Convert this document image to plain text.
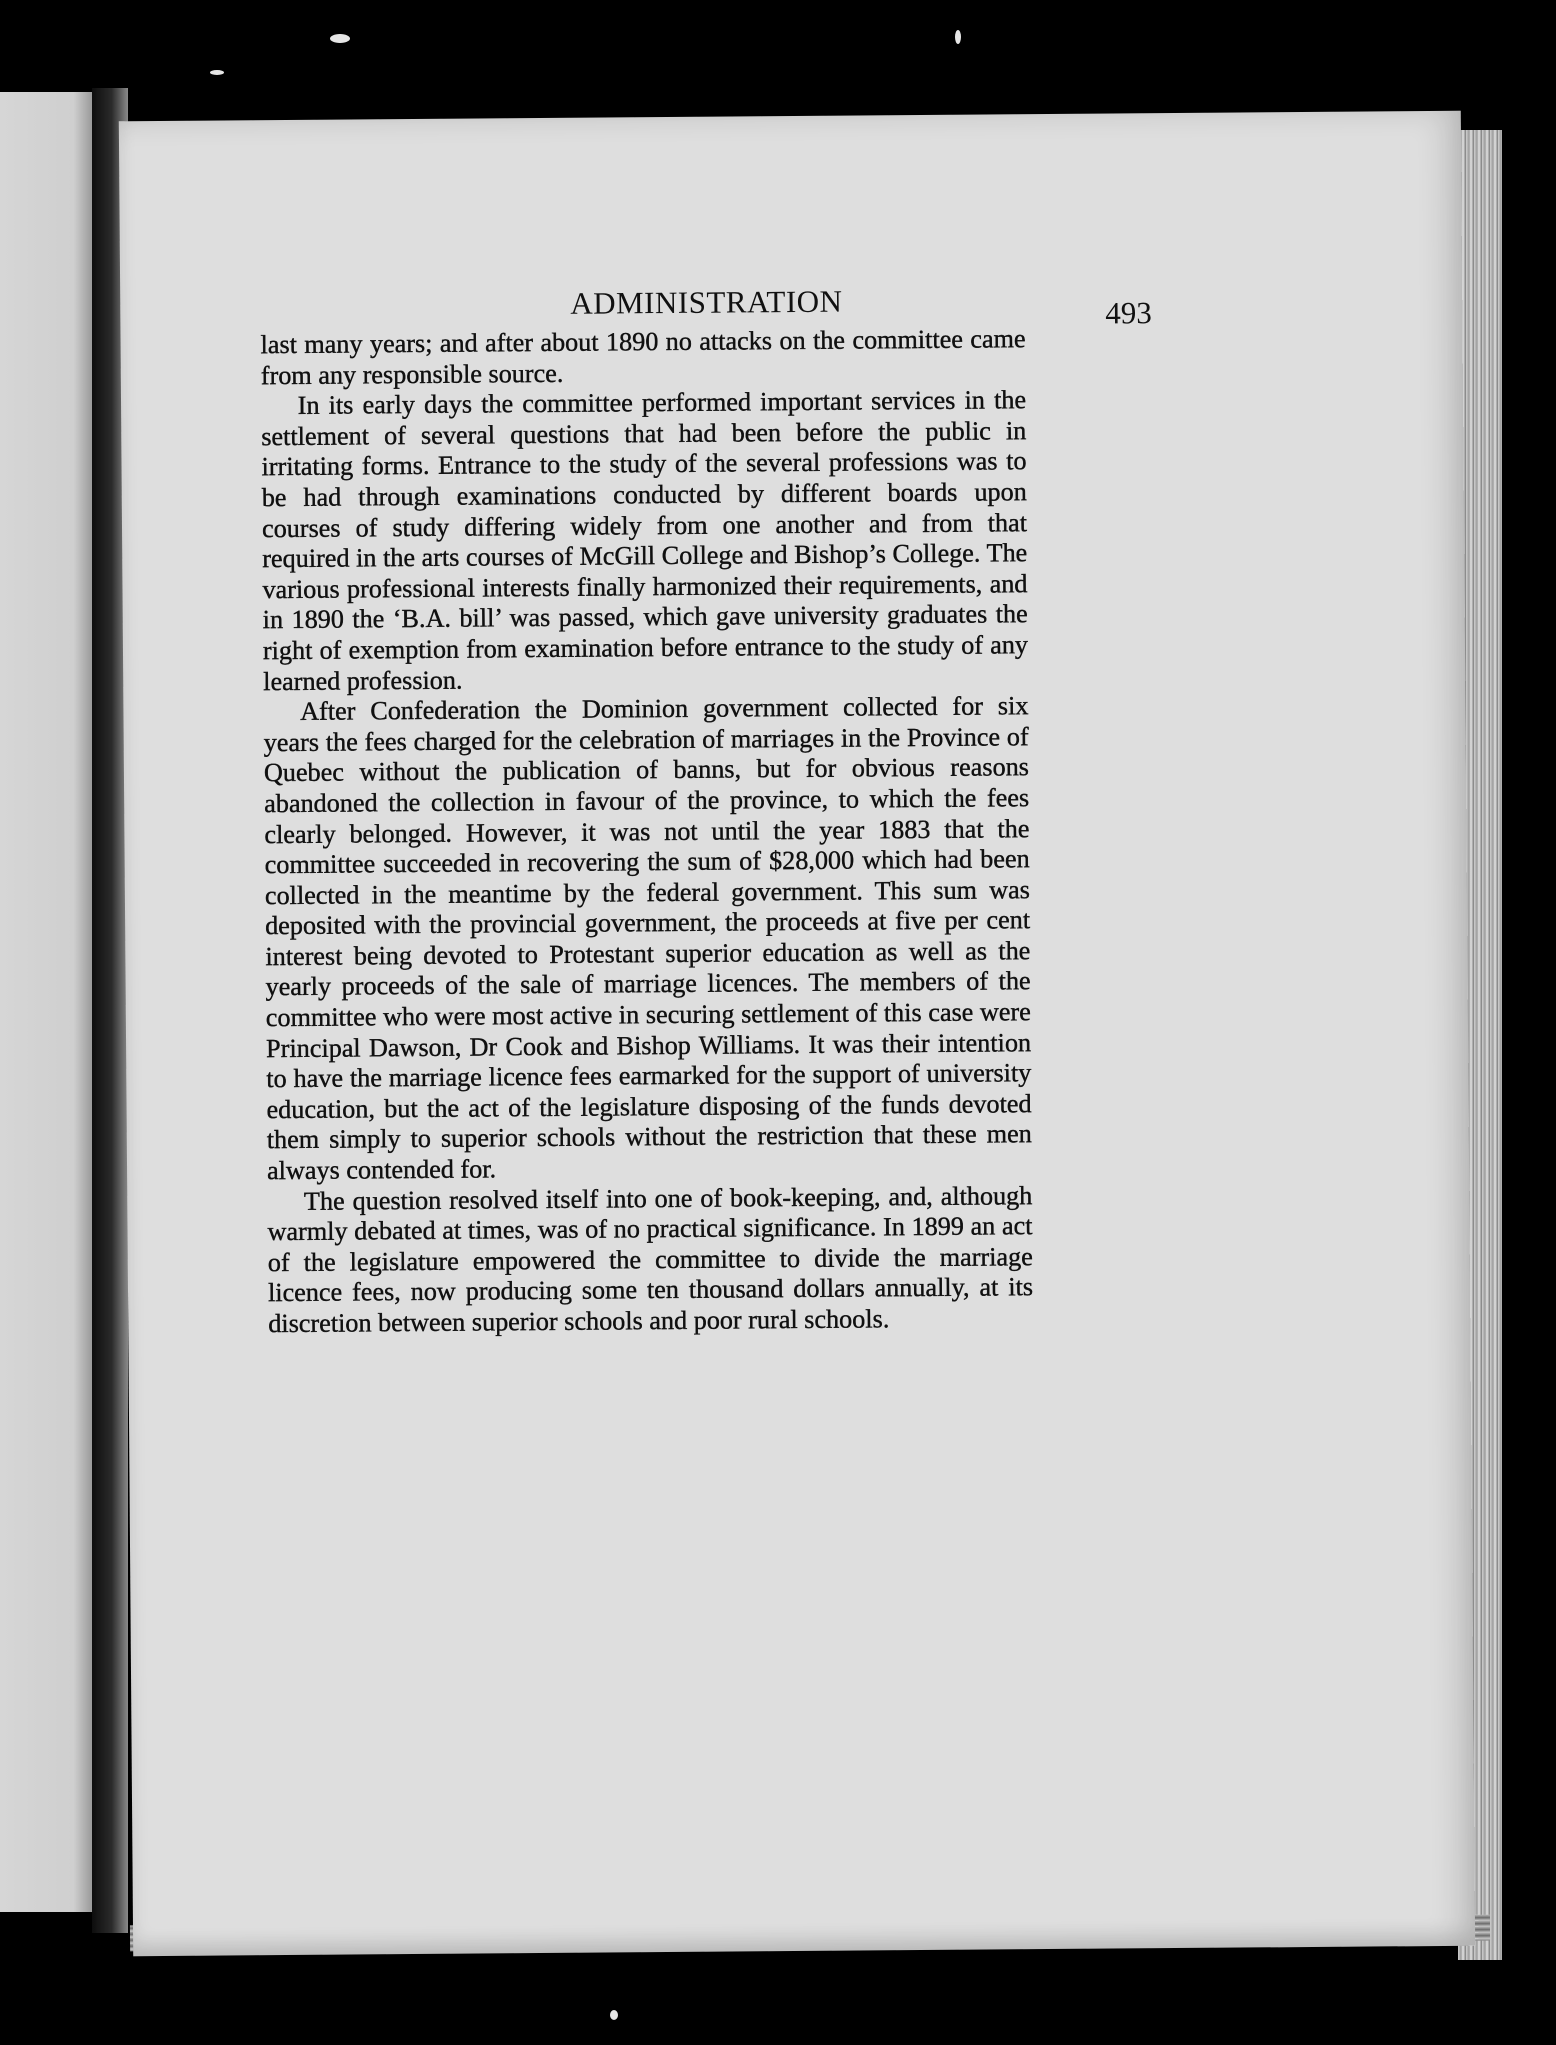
ADMINISTRATION	493

last many years; and after about 1890 no attacks on the committee came from any responsible source.

In its early days the committee performed important services in the settlement of several questions that had been before the public in irritating forms. Entrance to the study of the several professions was to be had through examinations conducted by different boards upon courses of study differing widely from one another and from that required in the arts courses of McGill College and Bishop’s College. The various professional interests finally harmonized their requirements, and in 1890 the ‘B.A. bill’ was passed, which gave university graduates the right of exemption from examination before entrance to the study of any learned profession.

After Confederation the Dominion government collected for six years the fees charged for the celebration of marriages in the Province of Quebec without the publication of banns, but for obvious reasons abandoned the collection in favour of the province, to which the fees clearly belonged. However, it was not until the year 1883 that the committee succeeded in recovering the sum of $28,000 which had been collected in the meantime by the federal government. This sum was deposited with the provincial government, the proceeds at five per cent interest being devoted to Protestant superior education as well as the yearly proceeds of the sale of marriage licences. The members of the committee who were most active in securing settlement of this case were Principal Dawson, Dr Cook and Bishop Williams. It was their intention to have the marriage licence fees earmarked for the support of university education, but the act of the legislature disposing of the funds devoted them simply to superior schools without the restriction that these men always contended for.

The question resolved itself into one of book-keeping, and, although warmly debated at times, was of no practical significance. In 1899 an act of the legislature empowered the committee to divide the marriage licence fees, now producing some ten thousand dollars annually, at its discretion between superior schools and poor rural schools.
